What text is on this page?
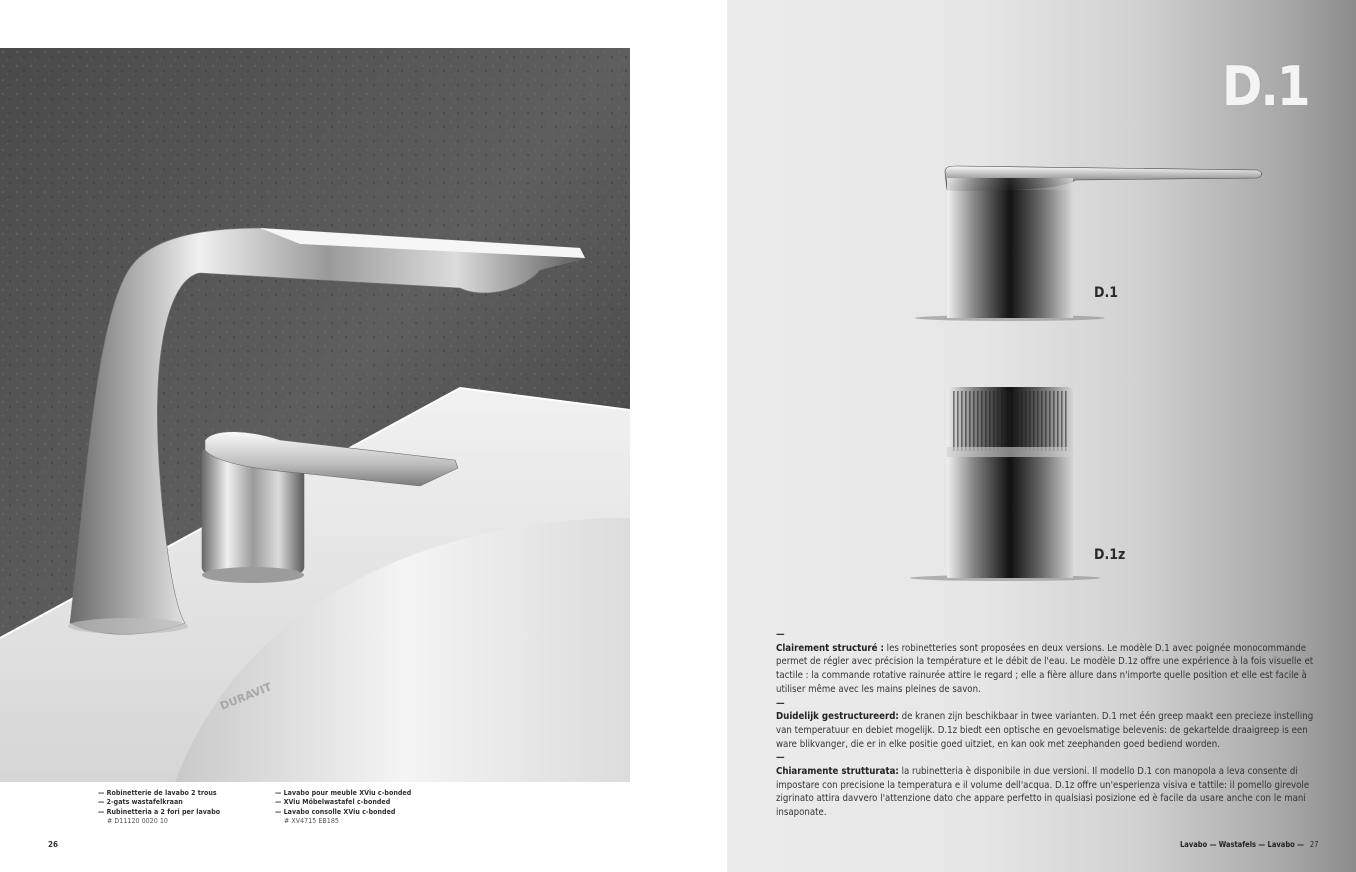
DURAVIT
— Robinetterie de lavabo 2 trous
— 2-gats wastafelkraan
— Rubinetteria a 2 fori per lavabo
# D11120 0020 10
— Lavabo pour meuble XViu c-bonded
— XViu Möbelwastafel c-bonded
— Lavabo consolle XViu c-bonded
# XV4715 EB185
26
D.1
D.1
D.1z
—

Clairement structuré : les robinetteries sont proposées en deux versions. Le modèle D.1 avec poignée monocommande permet de régler avec précision la température et le débit de l'eau. Le modèle D.1z offre une expérience à la fois visuelle et tactile : la commande rotative rainurée attire le regard ; elle a fière allure dans n'importe quelle position et elle est facile à utiliser même avec les mains pleines de savon.

—

Duidelijk gestructureerd: de kranen zijn beschikbaar in twee varianten. D.1 met één greep maakt een precieze instelling van temperatuur en debiet mogelijk. D.1z biedt een optische en gevoelsmatige belevenis: de gekartelde draaigreep is een ware blikvanger, die er in elke positie goed uitziet, en kan ook met zeephanden goed bediend worden.

—

Chiaramente strutturata: la rubinetteria è disponibile in due versioni. Il modello D.1 con manopola a leva consente di impostare con precisione la temperatura e il volume dell'acqua. D.1z offre un'esperienza visiva e tattile: il pomello girevole zigrinato attira davvero l'attenzione dato che appare perfetto in qualsiasi posizione ed è facile da usare anche con le mani insaponate.

Lavabo — Wastafels — Lavabo — 27
